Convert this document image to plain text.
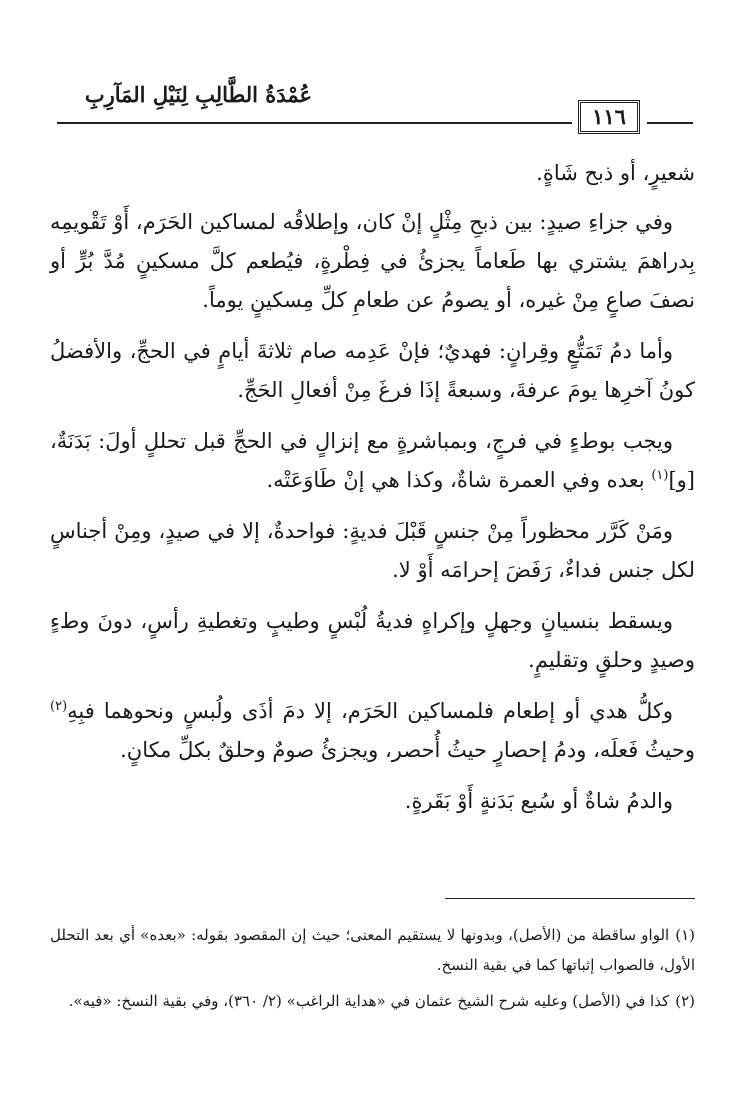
عُمْدَةُ الطَّالِبِ لِنَيْلِ المَآرِبِ
١١٦

شعيرٍ، أو ذبح شَاةٍ.

وفي جزاءِ صيدٍ: بين ذبحِ مِثْلٍ إنْ كان، وإطلاقُه لمساكين الحَرَم، أَوْ تَقْويمِه بِدراهمَ يشتري بها طَعاماً يجزئُ في فِطْرةٍ، فيُطعم كلَّ مسكينٍ مُدَّ بُرٍّ أو نصفَ صاعٍ مِنْ غيره، أو يصومُ عن طعامِ كلِّ مِسكينٍ يوماً.

وأما دمُ تَمَتُّعٍ وقِرانٍ: فهديٌ؛ فإنْ عَدِمه صام ثلاثةَ أيامٍ في الحجِّ، والأفضلُ كونُ آخرِها يومَ عرفةَ، وسبعةً إذَا فرغَ مِنْ أفعالِ الحَجِّ.

ويجب بوطءٍ في فرجٍ، وبمباشرةٍ مع إنزالٍ في الحجِّ قبل تحللٍ أولَ: بَدَنَةٌ، [و]$^{(١)}$ بعده وفي العمرة شاةٌ، وكذا هي إنْ طَاوَعَتْه.

ومَنْ كَرَّر محظوراً مِنْ جنسٍ قَبْلَ فديةٍ: فواحدةٌ، إلا في صيدٍ، ومِنْ أجناسٍ لكل جنس فداءٌ، رَفَضَ إحرامَه أَوْ لا.

ويسقط بنسيانٍ وجهلٍ وإكراهٍ فديةُ لُبْسٍ وطيبٍ وتغطيةِ رأسٍ، دونَ وطءٍ وصيدٍ وحلقٍ وتقليمٍ.

وكلُّ هدي أو إطعام فلمساكين الحَرَم، إلا دمَ أذَى ولُبسٍ ونحوهما فبِهِ$^{(٢)}$ وحيثُ فَعلَه، ودمُ إحصارٍ حيثُ أُحصر، ويجزئُ صومٌ وحلقٌ بكلِّ مكانٍ.

والدمُ شاةٌ أو سُبع بَدَنةٍ أَوْ بَقَرةٍ.

(١)الواو ساقطة من (الأصل)، وبدونها لا يستقيم المعنى؛ حيث إن المقصود بقوله: «بعده» أي بعد التحلل الأول، فالصواب إثباتها كما في بقية النسخ.

(٢)كذا في (الأصل) وعليه شرح الشيخ عثمان في «هداية الراغب» (٢/ ٣٦٠)، وفي بقية النسخ: «فيه».
